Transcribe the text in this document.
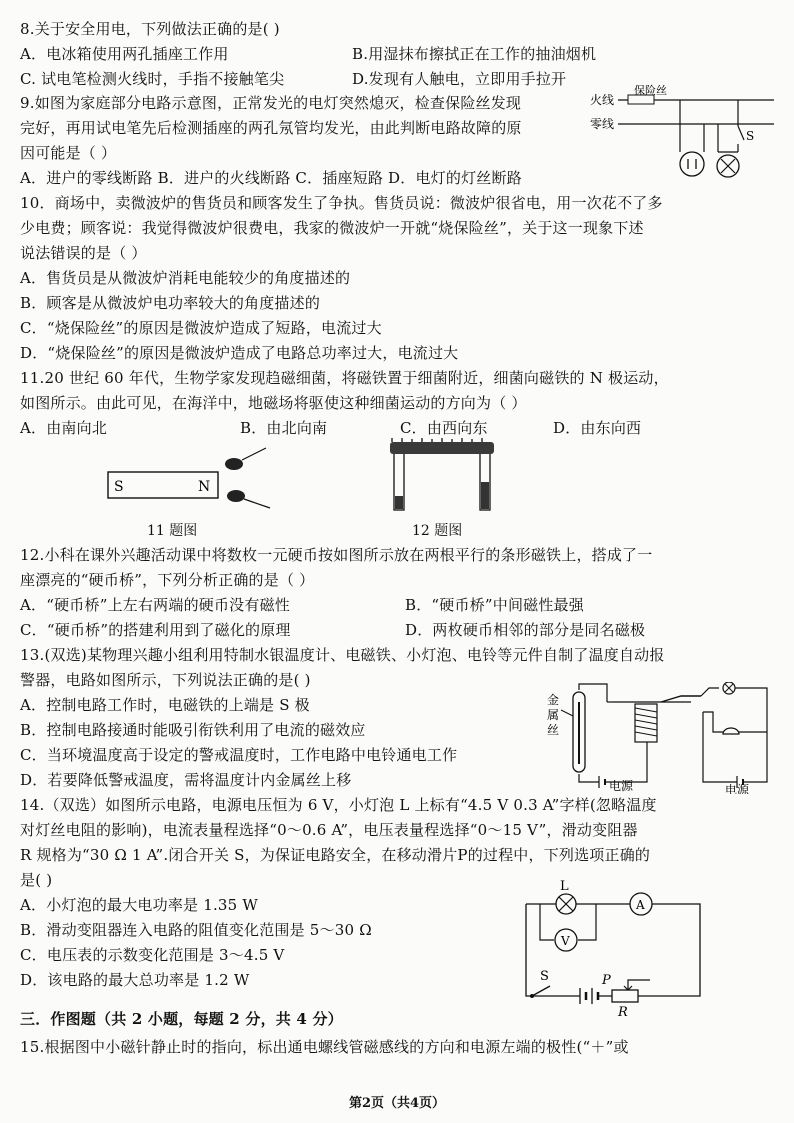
8.关于安全用电，下列做法正确的是( )
A．电冰箱使用两孔插座工作用	B.用湿抹布擦拭正在工作的抽油烟机
C. 试电笔检测火线时，手指不接触笔尖	D.发现有人触电，立即用手拉开
9.如图为家庭部分电路示意图，正常发光的电灯突然熄灭，检查保险丝发现
完好，再用试电笔先后检测插座的两孔氖管均发光，由此判断电路故障的原
因可能是（ ）
A．进户的零线断路 B．进户的火线断路 C．插座短路 D．电灯的灯丝断路
火线
零线
保险丝
S
10．商场中，卖微波炉的售货员和顾客发生了争执。售货员说：微波炉很省电，用一次花不了多
少电费；顾客说：我觉得微波炉很费电，我家的微波炉一开就“烧保险丝”，关于这一现象下述
说法错误的是（ ）
A．售货员是从微波炉消耗电能较少的角度描述的
B．顾客是从微波炉电功率较大的角度描述的
C．“烧保险丝”的原因是微波炉造成了短路，电流过大
D．“烧保险丝”的原因是微波炉造成了电路总功率过大，电流过大
11.20 世纪 60 年代，生物学家发现趋磁细菌，将磁铁置于细菌附近，细菌向磁铁的 N 极运动，
如图所示。由此可见，在海洋中，地磁场将驱使这种细菌运动的方向为（ ）
A．由南向北	B．由北向南	C．由西向东	D．由东向西
S	N
11 题图	12 题图
12.小科在课外兴趣活动课中将数枚一元硬币按如图所示放在两根平行的条形磁铁上，搭成了一
座漂亮的“硬币桥”，下列分析正确的是（ ）
A．“硬币桥”上左右两端的硬币没有磁性	B．“硬币桥”中间磁性最强
C．“硬币桥”的搭建利用到了磁化的原理	D．两枚硬币相邻的部分是同名磁极
13.(双选)某物理兴趣小组利用特制水银温度计、电磁铁、小灯泡、电铃等元件自制了温度自动报
警器，电路如图所示，下列说法正确的是( )
A．控制电路工作时，电磁铁的上端是 S 极
B．控制电路接通时能吸引衔铁利用了电流的磁效应
C．当环境温度高于设定的警戒温度时，工作电路中电铃通电工作
D．若要降低警戒温度，需将温度计内金属丝上移
金
属
丝
电源	电源
14.（双选）如图所示电路，电源电压恒为 6 V，小灯泡 L 上标有“4.5 V 0.3 A”字样(忽略温度
对灯丝电阻的影响)，电流表量程选择“0～0.6 A”，电压表量程选择“0～15 V”，滑动变阻器
R 规格为“30 Ω 1 A”.闭合开关 S，为保证电路安全，在移动滑片P的过程中，下列选项正确的
是( )
A．小灯泡的最大电功率是 1.35 W
B．滑动变阻器连入电路的阻值变化范围是 5～30 Ω
C．电压表的示数变化范围是 3～4.5 V
D．该电路的最大总功率是 1.2 W
L
A
V
S	P
R
三．作图题（共 2 小题，每题 2 分，共 4 分）
15.根据图中小磁针静止时的指向，标出通电螺线管磁感线的方向和电源左端的极性(“＋”或
第2页（共4页）
